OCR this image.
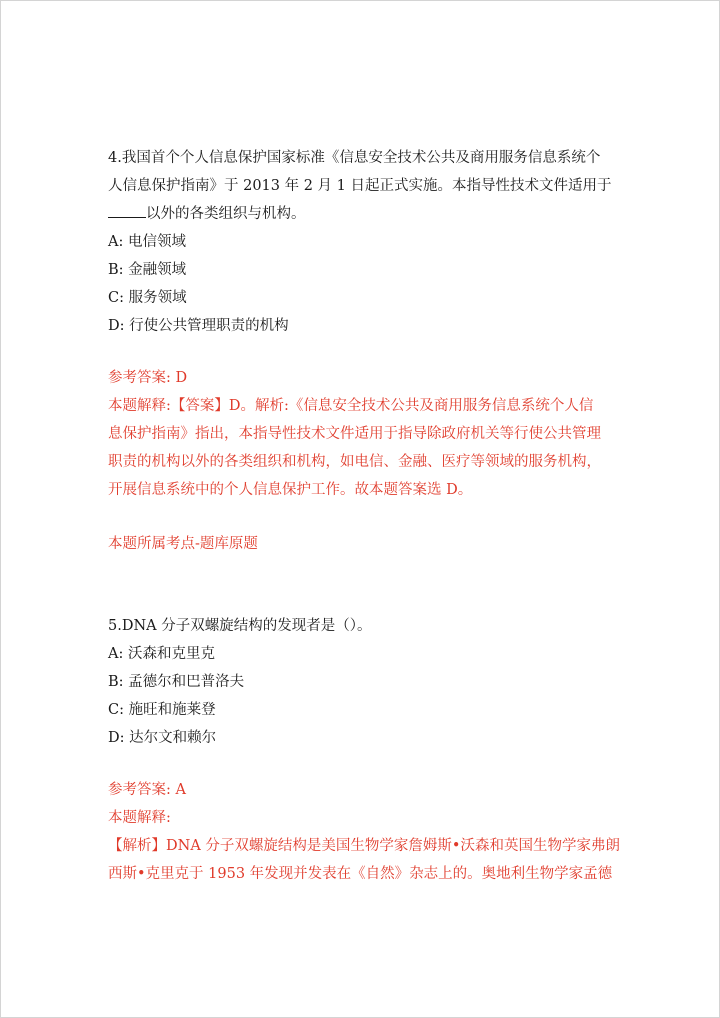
4.我国首个个人信息保护国家标准《信息安全技术公共及商用服务信息系统个
人信息保护指南》于 2013 年 2 月 1 日起正式实施。本指导性技术文件适用于
以外的各类组织与机构。
A: 电信领域
B: 金融领域
C: 服务领域
D: 行使公共管理职责的机构
参考答案: D
本题解释:【答案】D。解析:《信息安全技术公共及商用服务信息系统个人信
息保护指南》指出，本指导性技术文件适用于指导除政府机关等行使公共管理
职责的机构以外的各类组织和机构，如电信、金融、医疗等领域的服务机构，
开展信息系统中的个人信息保护工作。故本题答案选 D。
本题所属考点-题库原题
5.DNA 分子双螺旋结构的发现者是（）。
A: 沃森和克里克
B: 孟德尔和巴普洛夫
C: 施旺和施莱登
D: 达尔文和赖尔
参考答案: A
本题解释:
【解析】DNA 分子双螺旋结构是美国生物学家詹姆斯•沃森和英国生物学家弗朗
西斯•克里克于 1953 年发现并发表在《自然》杂志上的。奥地利生物学家孟德
